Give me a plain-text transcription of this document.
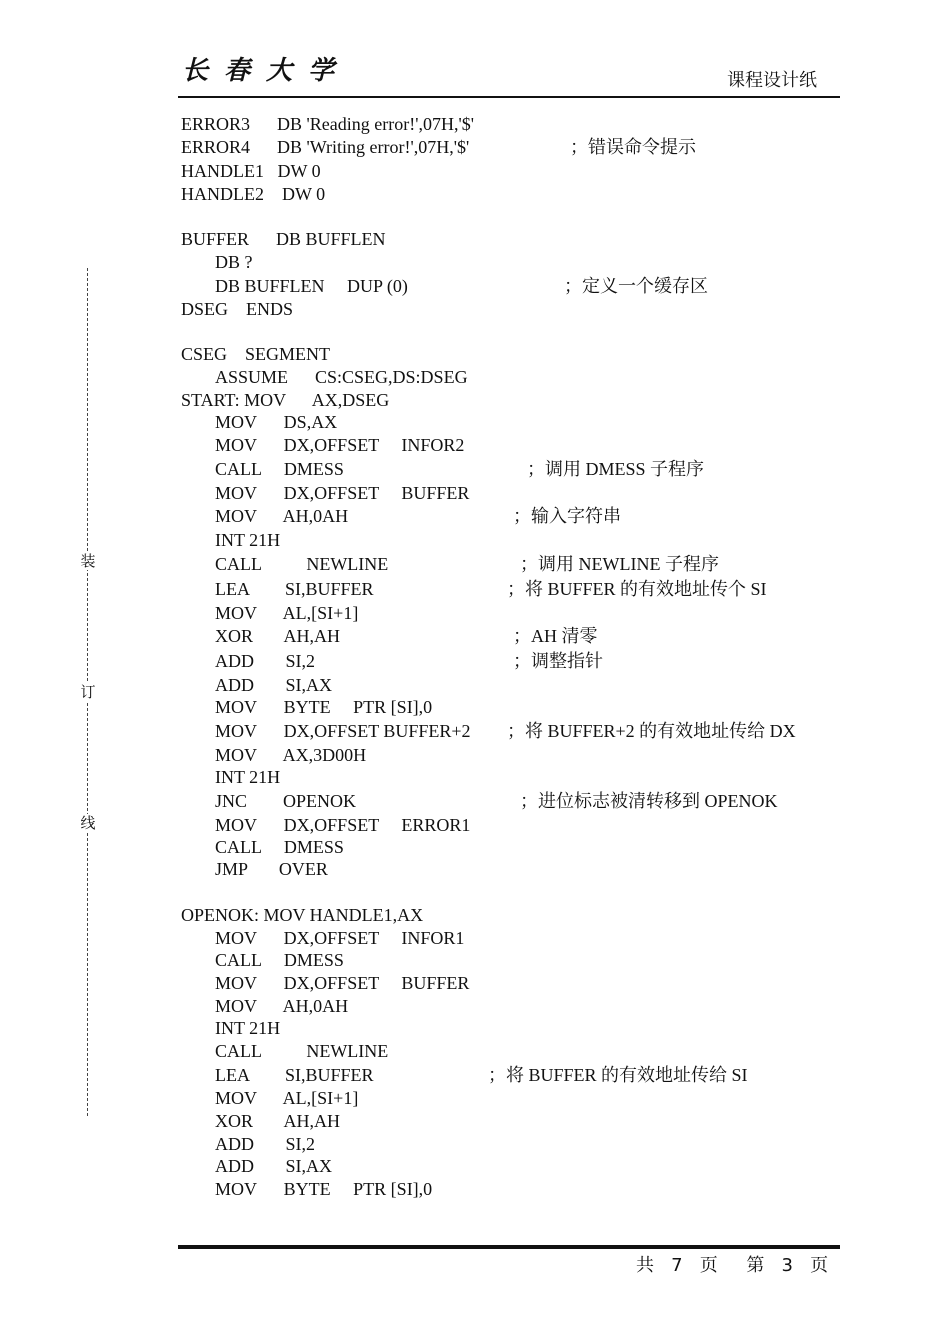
长春大学	课程设计纸
装
订
线
ERROR3      DB 'Reading error!',07H,'$'
ERROR4      DB 'Writing error!',07H,'$'
HANDLE1   DW 0
HANDLE2    DW 0
BUFFER      DB BUFFLEN
DB ?
DB BUFFLEN     DUP (0)
DSEG    ENDS
CSEG    SEGMENT
ASSUME      CS:CSEG,DS:DSEG
START: MOV      AX,DSEG
MOV      DS,AX
MOV      DX,OFFSET     INFOR2
CALL     DMESS
MOV      DX,OFFSET     BUFFER
MOV      AH,0AH
INT 21H
CALL          NEWLINE
LEA        SI,BUFFER
MOV      AL,[SI+1]
XOR       AH,AH
ADD       SI,2
ADD       SI,AX
MOV      BYTE     PTR [SI],0
MOV      DX,OFFSET BUFFER+2
MOV      AX,3D00H
INT 21H
JNC        OPENOK
MOV      DX,OFFSET     ERROR1
CALL     DMESS
JMP       OVER
OPENOK: MOV HANDLE1,AX
MOV      DX,OFFSET     INFOR1
CALL     DMESS
MOV      DX,OFFSET     BUFFER
MOV      AH,0AH
INT 21H
CALL          NEWLINE
LEA        SI,BUFFER
MOV      AL,[SI+1]
XOR       AH,AH
ADD       SI,2
ADD       SI,AX
MOV      BYTE     PTR [SI],0
；错误命令提示
；定义一个缓存区
；调用 DMESS 子程序
；输入字符串
；调用 NEWLINE 子程序
；将 BUFFER 的有效地址传个 SI
；AH 清零
；调整指针
；将 BUFFER+2 的有效地址传给 DX
；进位标志被清转移到 OPENOK
；将 BUFFER 的有效地址传给 SI
共   7   页     第   3   页
